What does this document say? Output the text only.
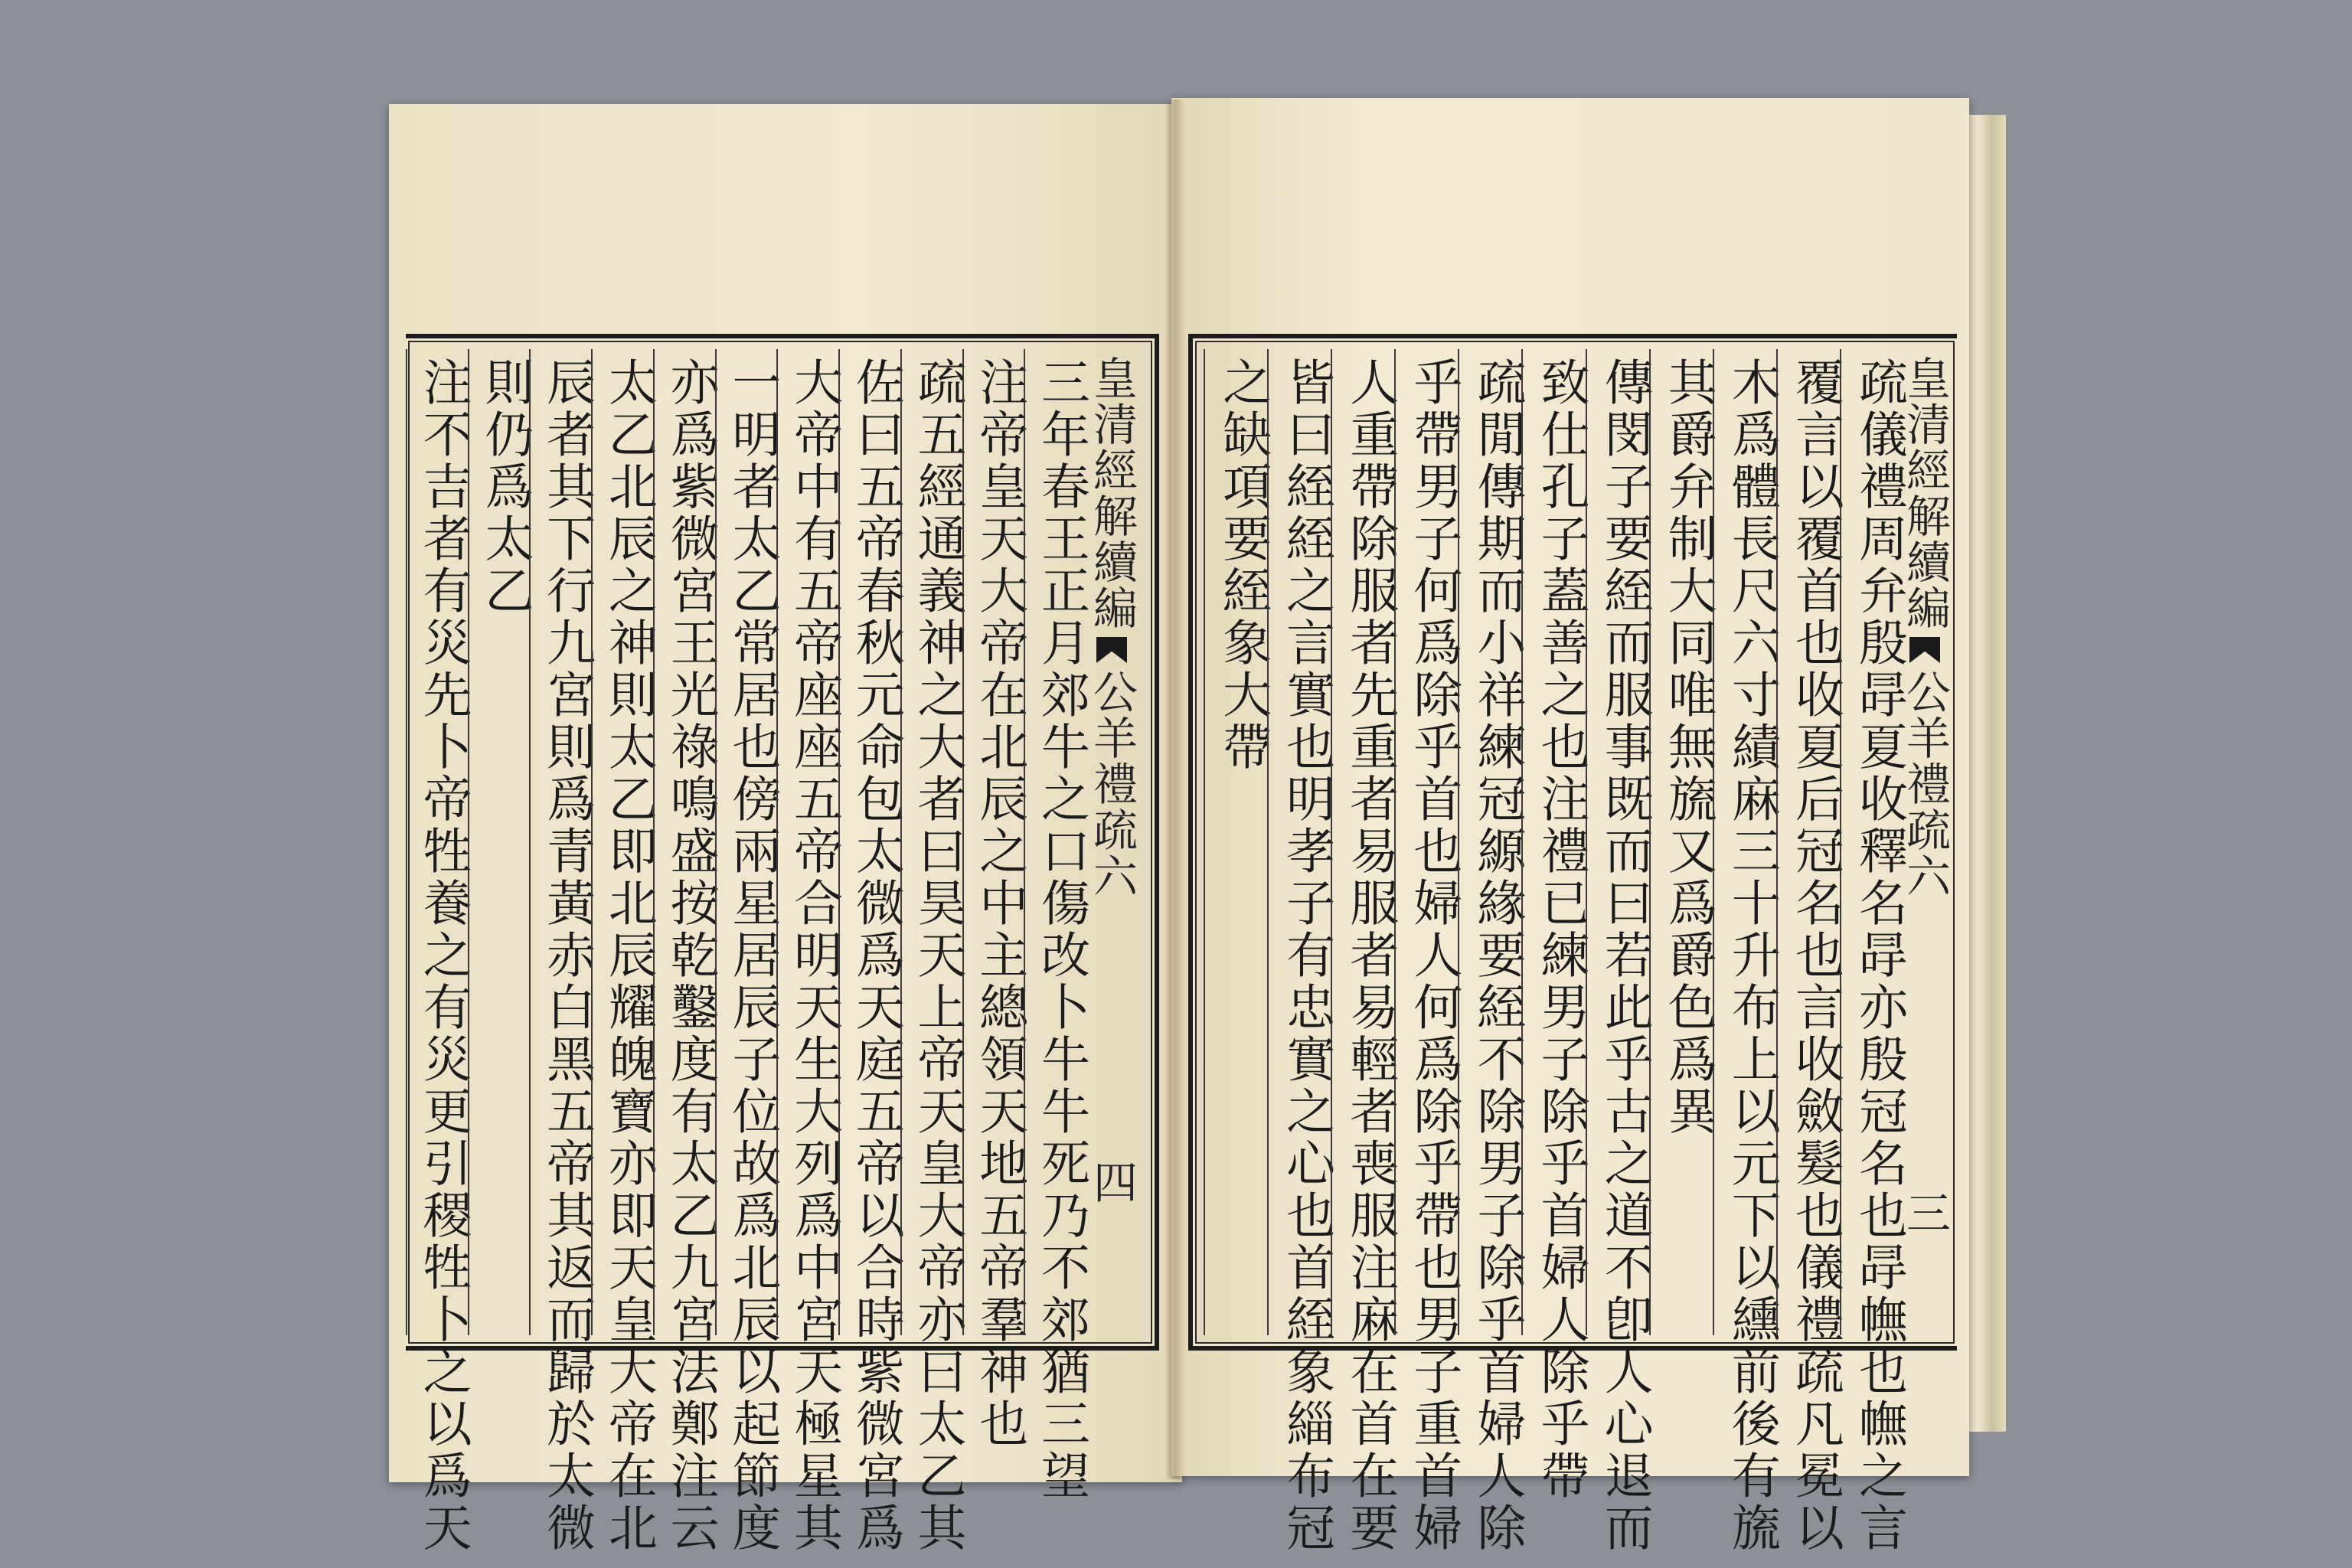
皇清經解續編公羊禮疏六四
三年春王正月郊牛之口傷改卜牛牛死乃不郊猶三望
注帝皇天大帝在北辰之中主總領天地五帝羣神也
疏五經通義神之大者曰昊天上帝天皇大帝亦曰太乙其
佐曰五帝春秋元命包太微爲天庭五帝以合時紫微宮爲
大帝中有五帝座座五帝合明天生大列爲中宮天極星其
一明者太乙常居也傍兩星居辰子位故爲北辰以起節度
亦爲紫微宮王光祿鳴盛按乾鑿度有太乙九宮法鄭注云
太乙北辰之神則太乙即北辰耀魄寶亦即天皇大帝在北
辰者其下行九宮則爲青黃赤白黑五帝其返而歸於太微
則仍爲太乙
注不吉者有災先卜帝牲養之有災更引稷牲卜之以爲天	皇清經解續編公羊禮疏六三
疏儀禮周弁殷冔夏收釋名冔亦殷冠名也冔幠也幠之言
覆言以覆首也收夏后冠名也言收斂髮也儀禮疏凡冕以
木爲體長尺六寸績麻三十升布上以元下以纁前後有旒
其爵弁制大同唯無旒又爲爵色爲異
傳閔子要絰而服事既而曰若此乎古之道不卽人心退而
致仕孔子蓋善之也注禮已練男子除乎首婦人除乎帶
疏閒傳期而小祥練冠縓緣要絰不除男子除乎首婦人除
乎帶男子何爲除乎首也婦人何爲除乎帶也男子重首婦
人重帶除服者先重者易服者易輕者喪服注麻在首在要
皆曰絰絰之言實也明孝子有忠實之心也首絰象緇布冠
之缺項要絰象大帶
